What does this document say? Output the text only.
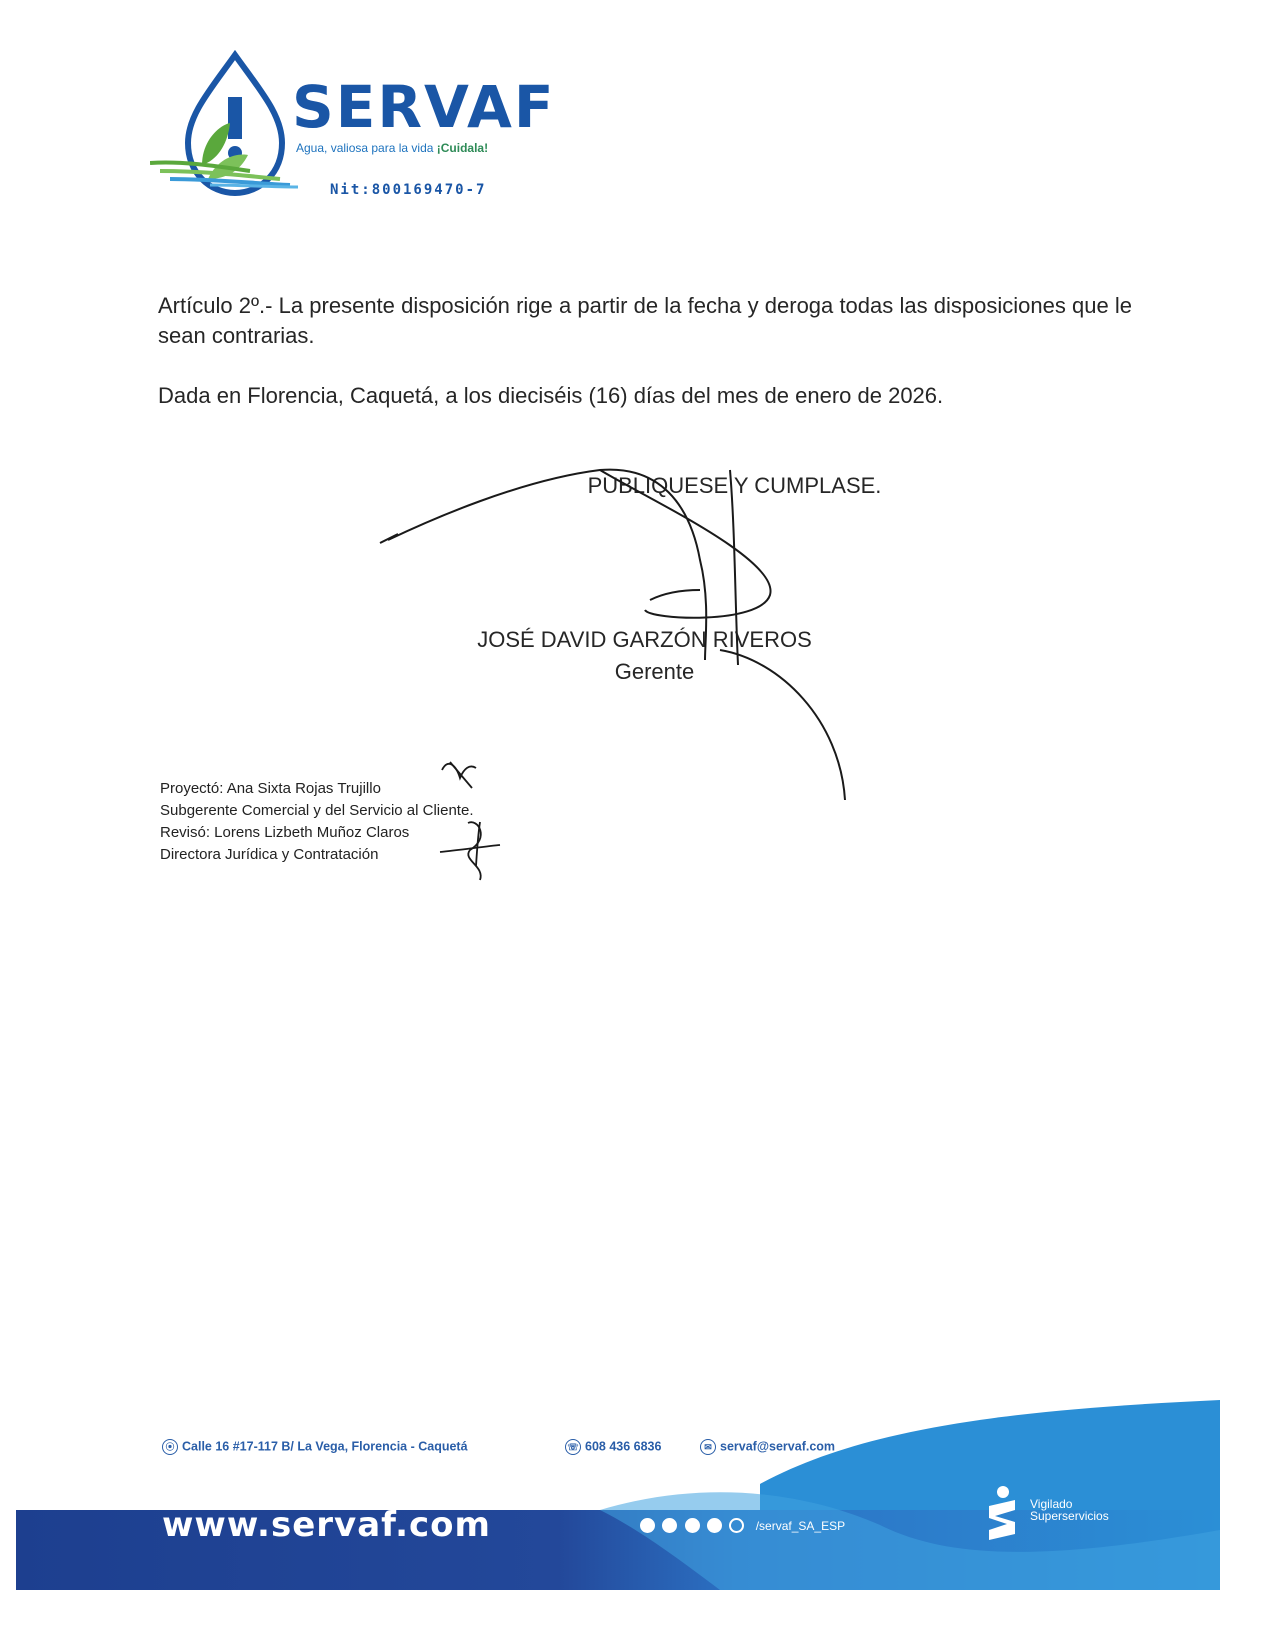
SERVAF
Agua, valiosa para la vida ¡Cuidala!
Nit:800169470-7
Artículo 2º.- La presente disposición rige a partir de la fecha y deroga todas las disposiciones que le sean contrarias.
Dada en Florencia, Caquetá, a los dieciséis (16) días del mes de enero de 2026.
PUBLIQUESE Y CUMPLASE.
JOSÉ DAVID GARZÓN RIVEROS
Gerente
Proyectó: Ana Sixta Rojas Trujillo
Subgerente Comercial y del Servicio al Cliente.
Revisó: Lorens Lizbeth Muñoz Claros
Directora Jurídica y Contratación
⦿ Calle 16 #17-117 B/ La Vega, Florencia - Caquetá	☏ 608 436 6836	✉ servaf@servaf.com
www.servaf.com	/servaf_SA_ESP
Vigilado
Superservicios
